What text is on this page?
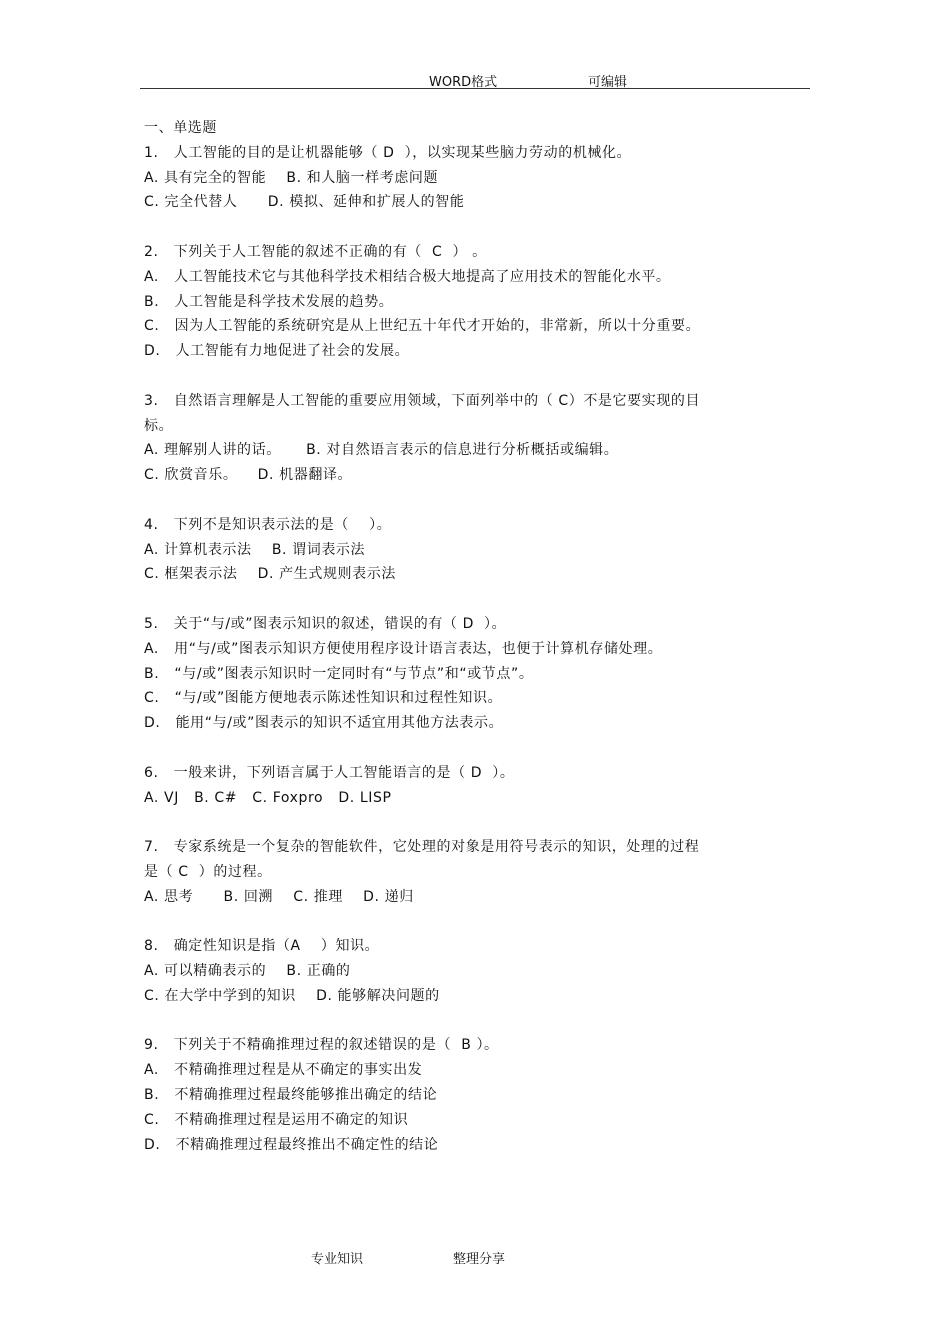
WORD格式	可编辑
一、单选题
1.   人工智能的目的是让机器能够（ D  ），以实现某些脑力劳动的机械化。
A. 具有完全的智能    B. 和人脑一样考虑问题
C. 完全代替人      D. 模拟、延伸和扩展人的智能
2.   下列关于人工智能的叙述不正确的有（  C  ） 。
A.   人工智能技术它与其他科学技术相结合极大地提高了应用技术的智能化水平。
B.   人工智能是科学技术发展的趋势。
C.   因为人工智能的系统研究是从上世纪五十年代才开始的，非常新，所以十分重要。
D.   人工智能有力地促进了社会的发展。
3.   自然语言理解是人工智能的重要应用领域，下面列举中的（ C）不是它要实现的目
标。
A. 理解别人讲的话。     B. 对自然语言表示的信息进行分析概括或编辑。
C. 欣赏音乐。    D. 机器翻译。
4.   下列不是知识表示法的是（    ）。
A. 计算机表示法    B. 谓词表示法
C. 框架表示法    D. 产生式规则表示法
5.   关于“与/或”图表示知识的叙述，错误的有（ D  ）。
A.   用“与/或”图表示知识方便使用程序设计语言表达，也便于计算机存储处理。
B.   “与/或”图表示知识时一定同时有“与节点”和“或节点”。
C.   “与/或”图能方便地表示陈述性知识和过程性知识。
D.   能用“与/或”图表示的知识不适宜用其他方法表示。
6.   一般来讲，下列语言属于人工智能语言的是（ D  ）。
A. VJ   B. C#   C. Foxpro   D. LISP
7.   专家系统是一个复杂的智能软件，它处理的对象是用符号表示的知识，处理的过程
是（ C  ）的过程。
A. 思考      B. 回溯    C. 推理    D. 递归
8.   确定性知识是指（A    ）知识。
A. 可以精确表示的    B. 正确的
C. 在大学中学到的知识    D. 能够解决问题的
9.   下列关于不精确推理过程的叙述错误的是（  B ）。
A.   不精确推理过程是从不确定的事实出发
B.   不精确推理过程最终能够推出确定的结论
C.   不精确推理过程是运用不确定的知识
D.   不精确推理过程最终推出不确定性的结论
专业知识	整理分享
